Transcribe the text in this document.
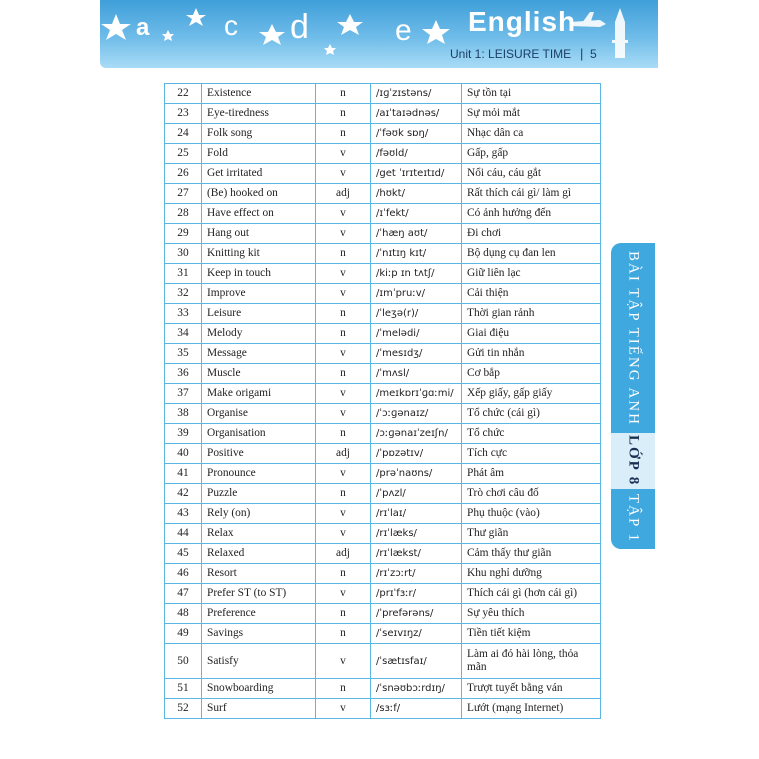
a	c d	e English
Unit 1: LEISURE TIME | 5
BÀI TẬP TIẾNG ANH
LỚP 8
TẬP 1
22	Existence	n	/ɪɡˈzɪstəns/	Sự tồn tại
23	Eye-tiredness	n	/aɪˈtaɪədnəs/	Sự mỏi mắt
24	Folk song	n	/ˈfəʊk sɒŋ/	Nhạc dân ca
25	Fold	v	/fəʊld/	Gấp, gấp
26	Get irritated	v	/get ˈɪrɪteɪtɪd/	Nổi cáu, cáu gắt
27	(Be) hooked on	adj	/hʊkt/	Rất thích cái gì/ làm gì
28	Have effect on	v	/ɪˈfekt/	Có ảnh hưởng đến
29	Hang out	v	/ˈhæŋ aʊt/	Đi chơi
30	Knitting kit	n	/ˈnɪtɪŋ kɪt/	Bộ dụng cụ đan len
31	Keep in touch	v	/kiːp ɪn tʌtʃ/	Giữ liên lạc
32	Improve	v	/ɪmˈpruːv/	Cải thiện
33	Leisure	n	/ˈleʒə(r)/	Thời gian rảnh
34	Melody	n	/ˈmelədi/	Giai điệu
35	Message	v	/ˈmesɪdʒ/	Gửi tin nhắn
36	Muscle	n	/ˈmʌsl/	Cơ bắp
37	Make origami	v	/meɪkɒrɪˈɡɑːmi/	Xếp giấy, gấp giấy
38	Organise	v	/ˈɔːɡənaɪz/	Tổ chức (cái gì)
39	Organisation	n	/ɔːɡənaɪˈzeɪʃn/	Tổ chức
40	Positive	adj	/ˈpɒzətɪv/	Tích cực
41	Pronounce	v	/prəˈnaʊns/	Phát âm
42	Puzzle	n	/ˈpʌzl/	Trò chơi câu đố
43	Rely (on)	v	/rɪˈlaɪ/	Phụ thuộc (vào)
44	Relax	v	/rɪˈlæks/	Thư giãn
45	Relaxed	adj	/rɪˈlækst/	Cảm thấy thư giãn
46	Resort	n	/rɪˈzɔːrt/	Khu nghỉ dưỡng
47	Prefer ST (to ST)	v	/prɪˈfɜːr/	Thích cái gì (hơn cái gì)
48	Preference	n	/ˈprefərəns/	Sự yêu thích
49	Savings	n	/ˈseɪvɪŋz/	Tiền tiết kiệm
50	Satisfy	v	/ˈsætɪsfaɪ/	Làm ai đó hài lòng, thỏa mãn
51	Snowboarding	n	/ˈsnəʊbɔːrdɪŋ/	Trượt tuyết bằng ván
52	Surf	v	/sɜːf/	Lướt (mạng Internet)
